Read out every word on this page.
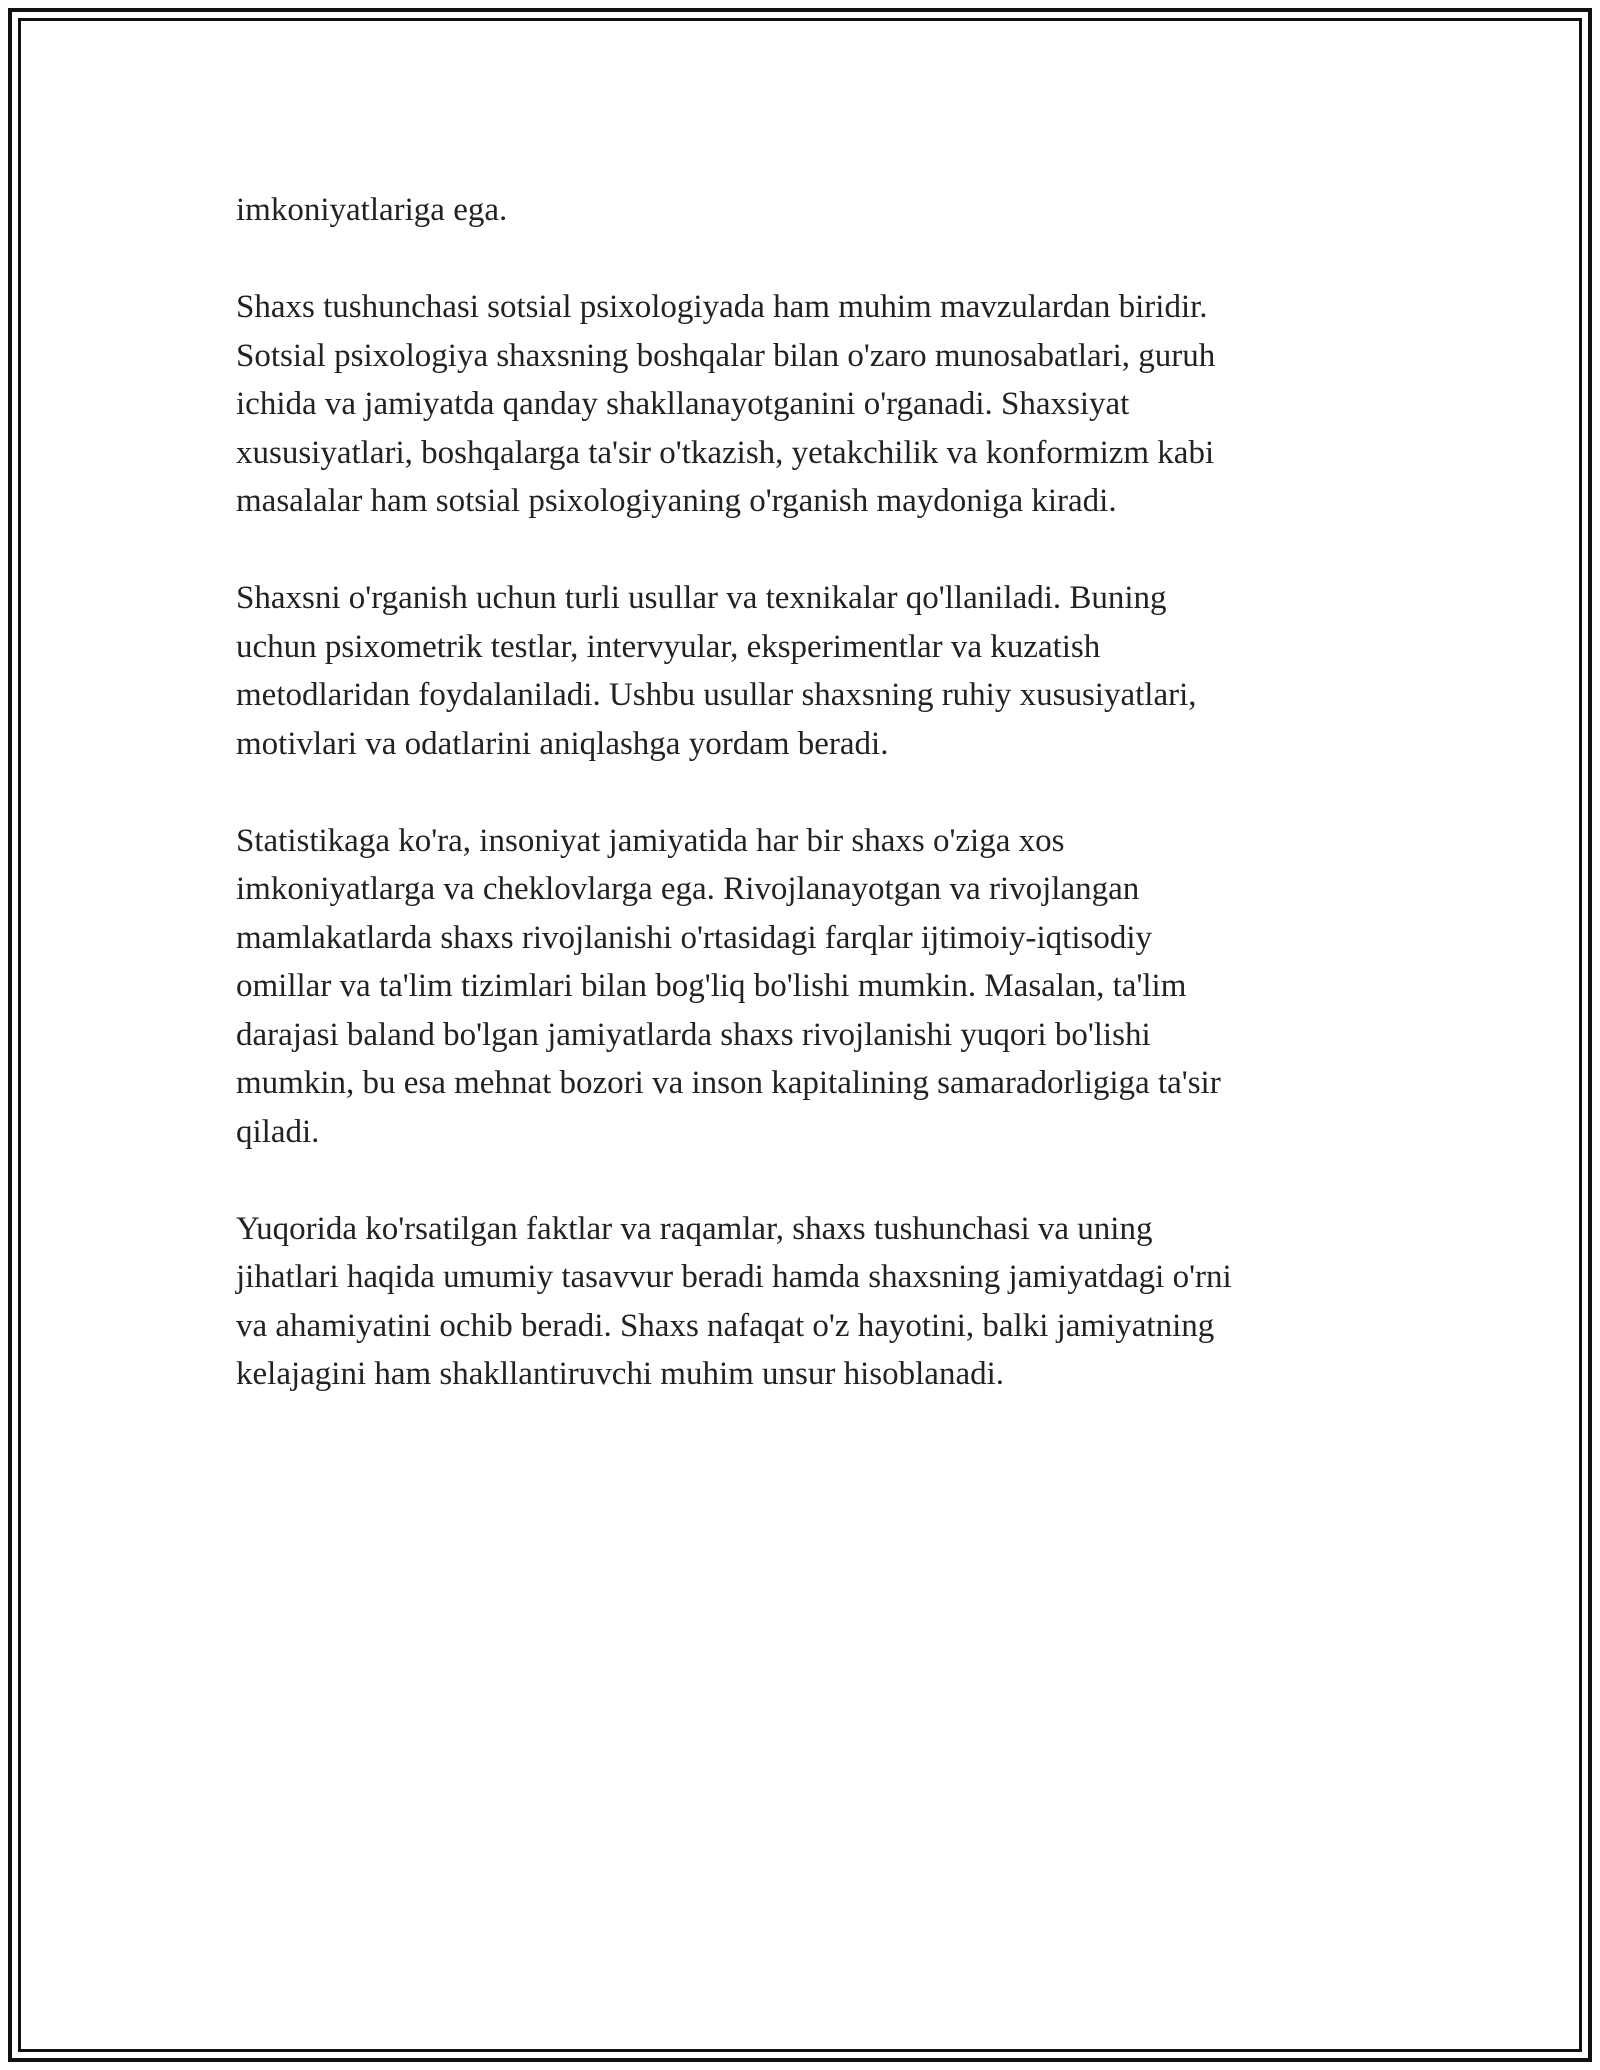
imkoniyatlariga ega.

Shaxs tushunchasi sotsial psixologiyada ham muhim mavzulardan biridir.
Sotsial psixologiya shaxsning boshqalar bilan o'zaro munosabatlari, guruh
ichida va jamiyatda qanday shakllanayotganini o'rganadi. Shaxsiyat
xususiyatlari, boshqalarga ta'sir o'tkazish, yetakchilik va konformizm kabi
masalalar ham sotsial psixologiyaning o'rganish maydoniga kiradi.

Shaxsni o'rganish uchun turli usullar va texnikalar qo'llaniladi. Buning
uchun psixometrik testlar, intervyular, eksperimentlar va kuzatish
metodlaridan foydalaniladi. Ushbu usullar shaxsning ruhiy xususiyatlari,
motivlari va odatlarini aniqlashga yordam beradi.

Statistikaga ko'ra, insoniyat jamiyatida har bir shaxs o'ziga xos
imkoniyatlarga va cheklovlarga ega. Rivojlanayotgan va rivojlangan
mamlakatlarda shaxs rivojlanishi o'rtasidagi farqlar ijtimoiy-iqtisodiy
omillar va ta'lim tizimlari bilan bog'liq bo'lishi mumkin. Masalan, ta'lim
darajasi baland bo'lgan jamiyatlarda shaxs rivojlanishi yuqori bo'lishi
mumkin, bu esa mehnat bozori va inson kapitalining samaradorligiga ta'sir
qiladi.

Yuqorida ko'rsatilgan faktlar va raqamlar, shaxs tushunchasi va uning
jihatlari haqida umumiy tasavvur beradi hamda shaxsning jamiyatdagi o'rni
va ahamiyatini ochib beradi. Shaxs nafaqat o'z hayotini, balki jamiyatning
kelajagini ham shakllantiruvchi muhim unsur hisoblanadi.
